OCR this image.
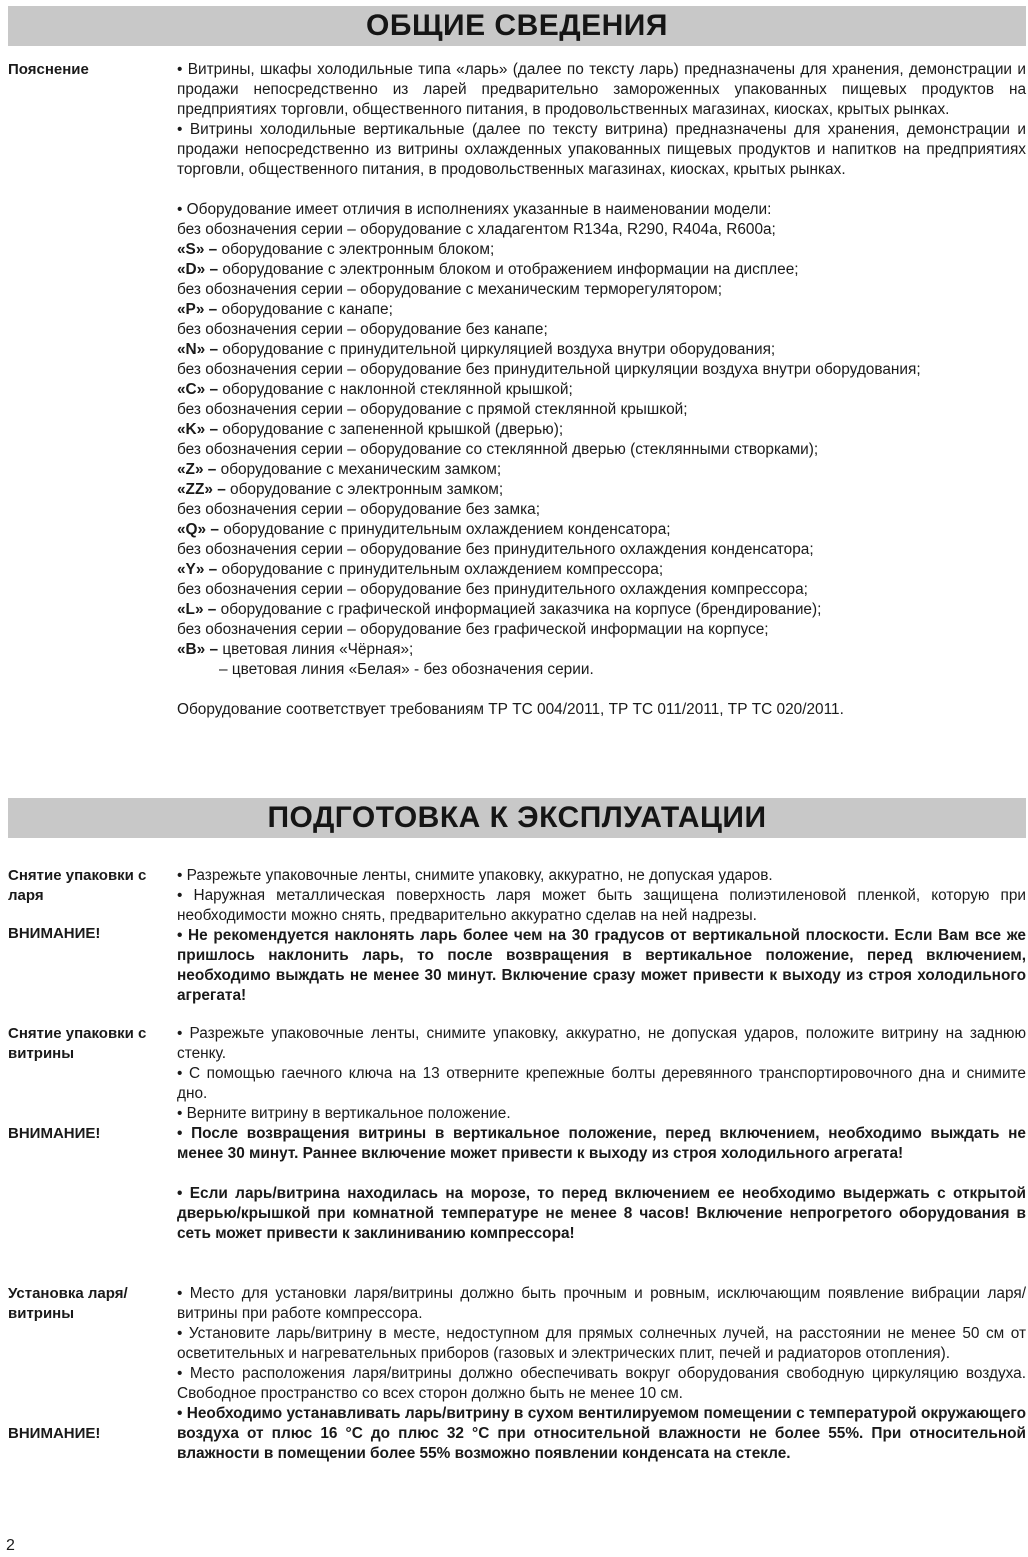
ОБЩИЕ СВЕДЕНИЯ
Пояснение	• Витрины, шкафы холодильные типа «ларь» (далее по тексту ларь) предназначены для хранения, демонстрации и продажи непосредственно из ларей предварительно замороженных упакованных пищевых продуктов на предприятиях торговли, общественного питания, в продовольственных магазинах, киосках, крытых рынках.

• Витрины холодильные вертикальные (далее по тексту витрина) предназначены для хранения, демонстрации и продажи непосредственно из витрины охлажденных упакованных пищевых продуктов и напитков на предприятиях торговли, общественного питания, в продовольственных магазинах, киосках, крытых рынках.

• Оборудование имеет отличия в исполнениях указанные в наименовании модели:

без обозначения серии – оборудование с хладагентом R134a, R290, R404a, R600a;

«S» – оборудование с электронным блоком;

«D» – оборудование с электронным блоком и отображением информации на дисплее;

без обозначения серии – оборудование с механическим терморегулятором;

«P» – оборудование с канапе;

без обозначения серии – оборудование без канапе;

«N» – оборудование с принудительной циркуляцией воздуха внутри оборудования;

без обозначения серии – оборудование без принудительной циркуляции воздуха внутри оборудования;

«C» – оборудование с наклонной стеклянной крышкой;

без обозначения серии – оборудование с прямой стеклянной крышкой;

«K» – оборудование с запененной крышкой (дверью);

без обозначения серии – оборудование со стеклянной дверью (стеклянными створками);

«Z» – оборудование с механическим замком;

«ZZ» – оборудование с электронным замком;

без обозначения серии – оборудование без замка;

«Q» – оборудование с принудительным охлаждением конденсатора;

без обозначения серии – оборудование без принудительного охлаждения конденсатора;

«Y» – оборудование с принудительным охлаждением компрессора;

без обозначения серии – оборудование без принудительного охлаждения компрессора;

«L» – оборудование с графической информацией заказчика на корпусе (брендирование);

без обозначения серии – оборудование без графической информации на корпусе;

«B» – цветовая линия «Чёрная»;

– цветовая линия «Белая» - без обозначения серии.

Оборудование соответствует требованиям ТР ТС 004/2011, ТР ТС 011/2011, ТР ТС 020/2011.

ПОДГОТОВКА К ЭКСПЛУАТАЦИИ
Снятие упаковки с ларя
ВНИМАНИЕ!

• Разрежьте упаковочные ленты, снимите упаковку, аккуратно, не допуская ударов.

• Наружная металлическая поверхность ларя может быть защищена полиэтиленовой пленкой, которую при необходимости можно снять, предварительно аккуратно сделав на ней надрезы.

• Не рекомендуется наклонять ларь более чем на 30 градусов от вертикальной плоскости. Если Вам все же пришлось наклонить ларь, то после возвращения в вертикальное положение, перед включением, необходимо выждать не менее 30 минут. Включение сразу может привести к выходу из строя холодильного агрегата!

Снятие упаковки с витрины
ВНИМАНИЕ!

• Разрежьте упаковочные ленты, снимите упаковку, аккуратно, не допуская ударов, положите витрину на заднюю стенку.

• С помощью гаечного ключа на 13 отверните крепежные болты деревянного транспортировочного дна и снимите дно.

• Верните витрину в вертикальное положение.

• После возвращения витрины в вертикальное положение, перед включением, необходимо выждать не менее 30 минут. Раннее включение может привести к выходу из строя холодильного агрегата!

• Если ларь/витрина находилась на морозе, то перед включением ее необходимо выдержать с открытой дверью/крышкой при комнатной температуре не менее 8 часов! Включение непрогретого оборудования в сеть может привести к заклиниванию компрессора!

Установка ларя/ витрины
ВНИМАНИЕ!

• Место для установки ларя/витрины должно быть прочным и ровным, исключающим появление вибрации ларя/витрины при работе компрессора.

• Установите ларь/витрину в месте, недоступном для прямых солнечных лучей, на расстоянии не менее 50 см от осветительных и нагревательных приборов (газовых и электрических плит, печей и радиаторов отопления).

• Место расположения ларя/витрины должно обеспечивать вокруг оборудования свободную циркуляцию воздуха. Свободное пространство со всех сторон должно быть не менее 10 см.

• Необходимо устанавливать ларь/витрину в сухом вентилируемом помещении с температурой окружающего воздуха от плюс 16 °С до плюс 32 °С при относительной влажности не более 55%. При относительной влажности в помещении более 55% возможно появлении конденсата на стекле.

2
